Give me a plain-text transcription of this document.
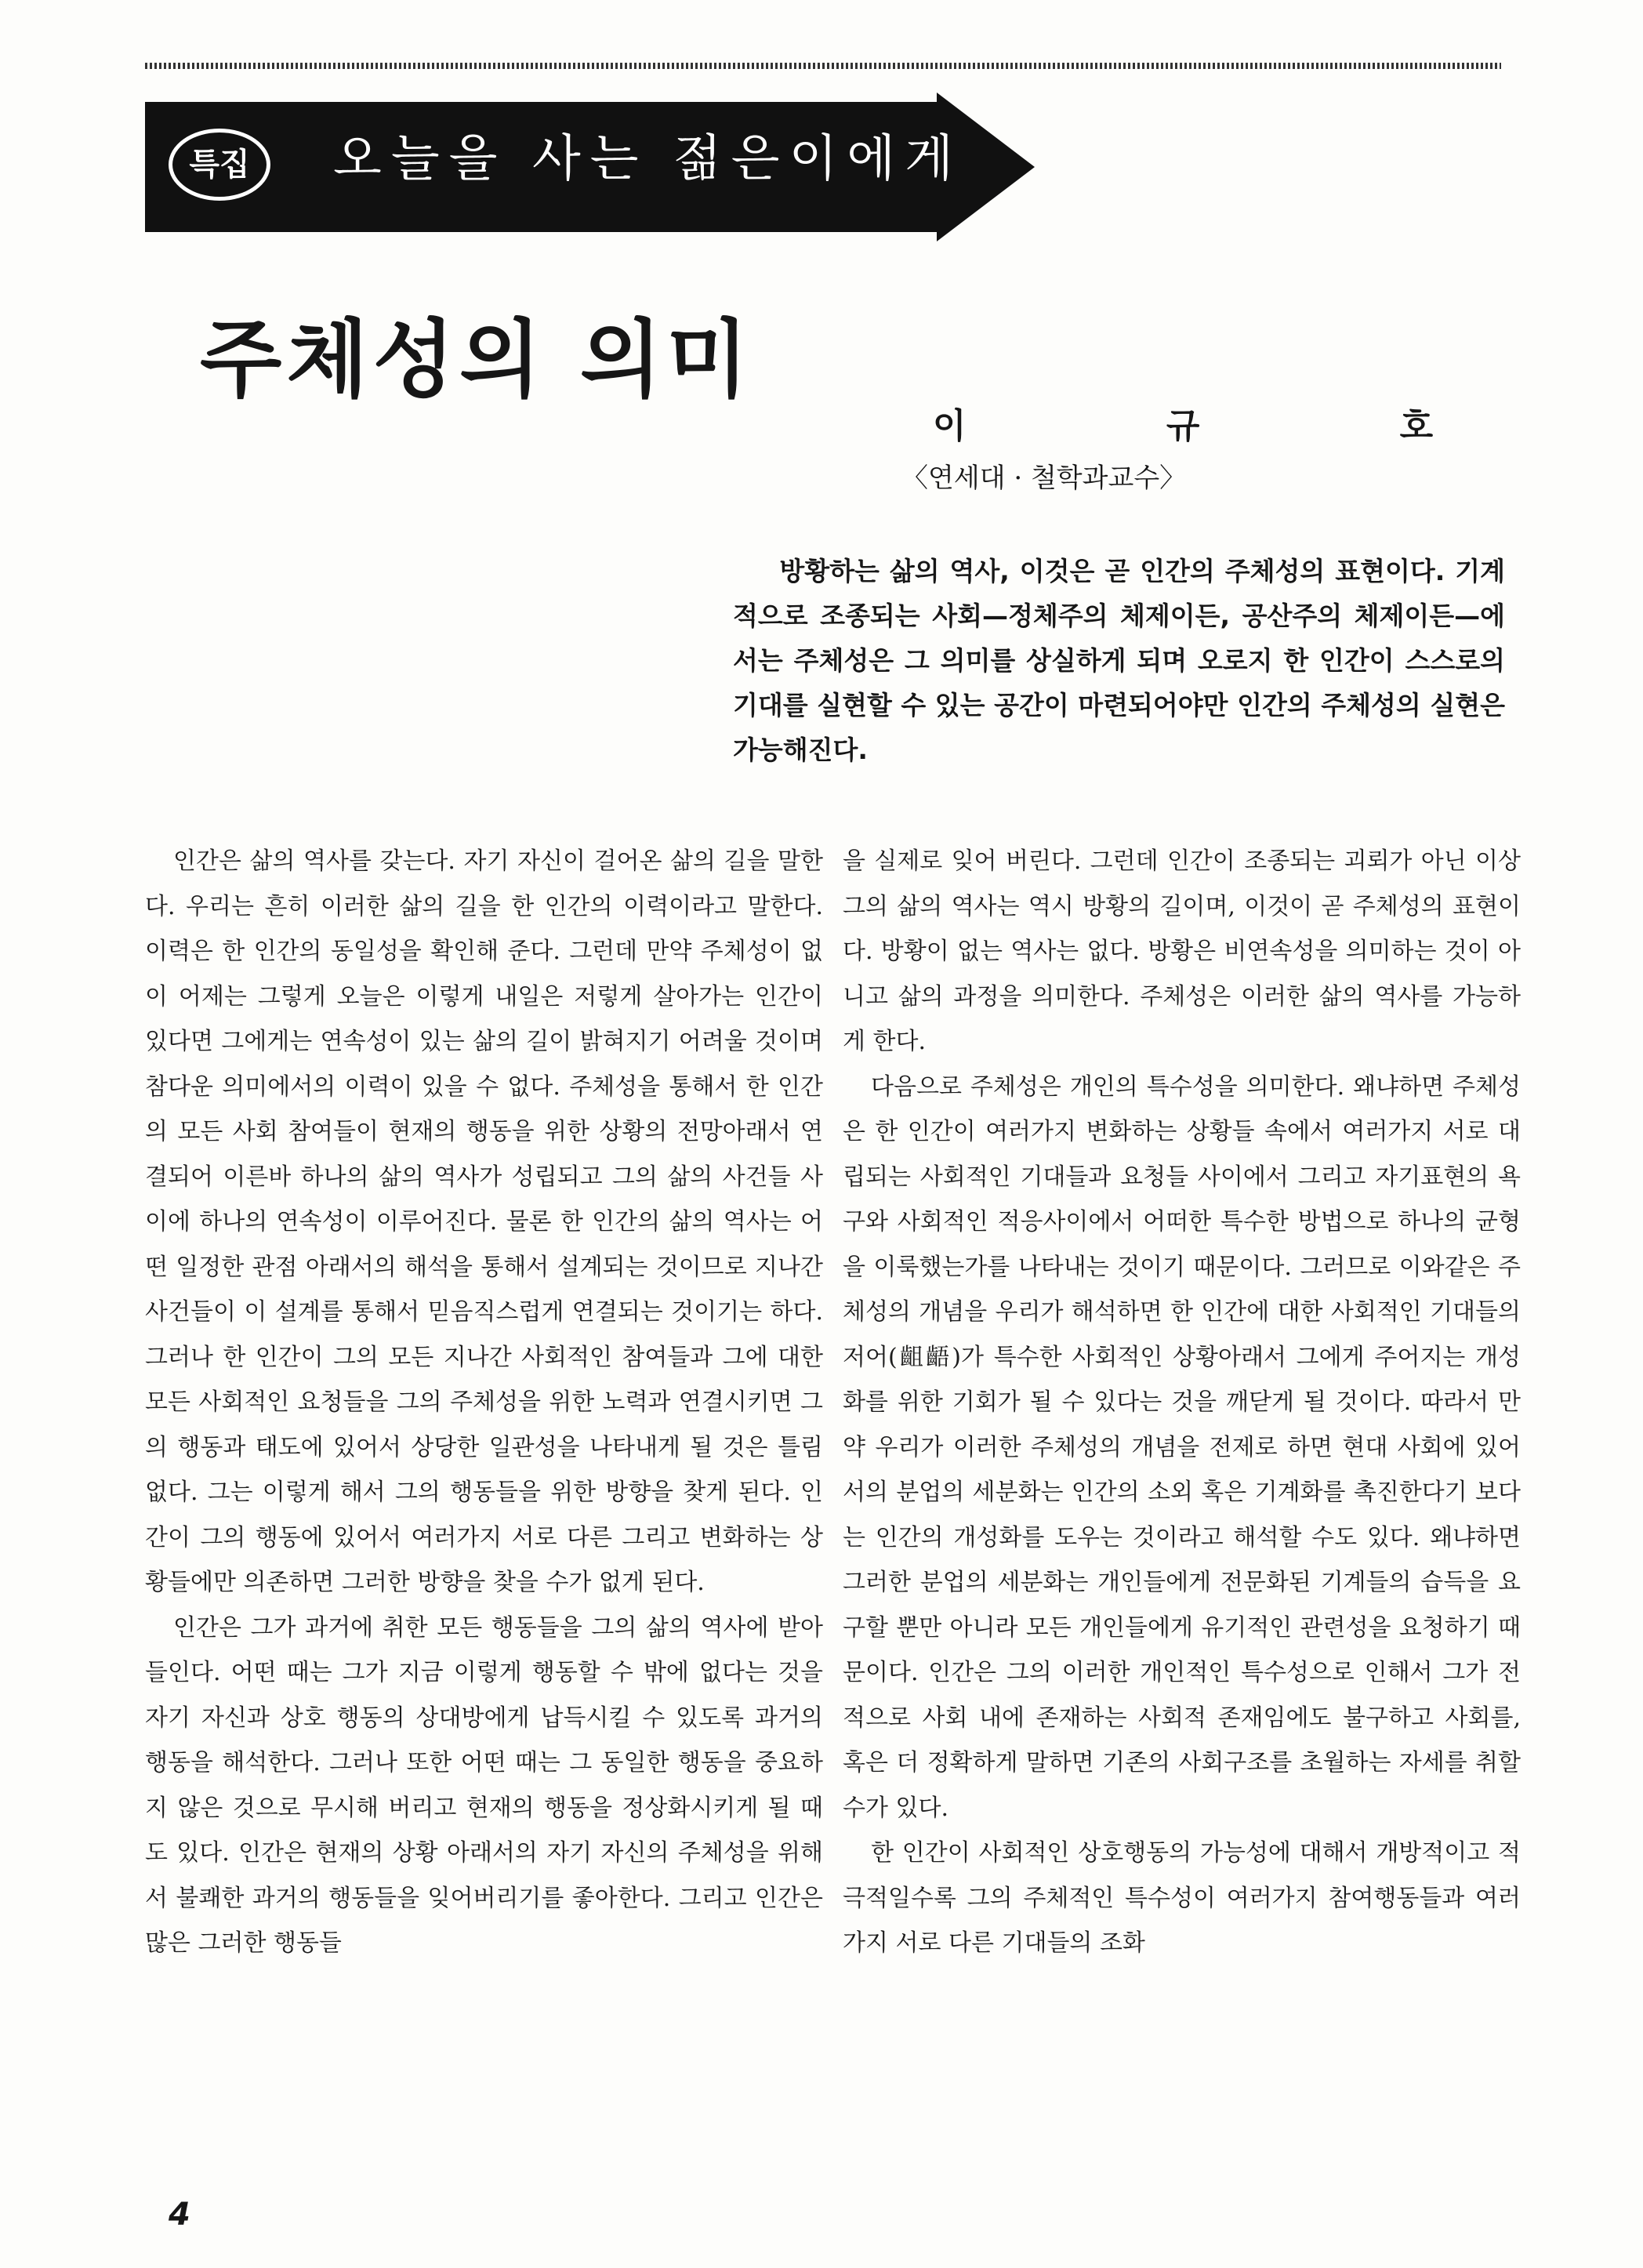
특집	오늘을 사는 젊은이에게
주체성의 의미
이 규 호
〈연세대 · 철학과교수〉
방황하는 삶의 역사, 이것은 곧 인간의 주체성의 표현이다. 기계적으로 조종되는 사회—정체주의 체제이든, 공산주의 체제이든—에서는 주체성은 그 의미를 상실하게 되며 오로지 한 인간이 스스로의 기대를 실현할 수 있는 공간이 마련되어야만 인간의 주체성의 실현은 가능해진다.

인간은 삶의 역사를 갖는다. 자기 자신이 걸어온 삶의 길을 말한다. 우리는 흔히 이러한 삶의 길을 한 인간의 이력이라고 말한다. 이력은 한 인간의 동일성을 확인해 준다. 그런데 만약 주체성이 없이 어제는 그렇게 오늘은 이렇게 내일은 저렇게 살아가는 인간이 있다면 그에게는 연속성이 있는 삶의 길이 밝혀지기 어려울 것이며 참다운 의미에서의 이력이 있을 수 없다. 주체성을 통해서 한 인간의 모든 사회 참여들이 현재의 행동을 위한 상황의 전망아래서 연결되어 이른바 하나의 삶의 역사가 성립되고 그의 삶의 사건들 사이에 하나의 연속성이 이루어진다. 물론 한 인간의 삶의 역사는 어떤 일정한 관점 아래서의 해석을 통해서 설계되는 것이므로 지나간 사건들이 이 설계를 통해서 믿음직스럽게 연결되는 것이기는 하다. 그러나 한 인간이 그의 모든 지나간 사회적인 참여들과 그에 대한 모든 사회적인 요청들을 그의 주체성을 위한 노력과 연결시키면 그의 행동과 태도에 있어서 상당한 일관성을 나타내게 될 것은 틀림없다. 그는 이렇게 해서 그의 행동들을 위한 방향을 찾게 된다. 인간이 그의 행동에 있어서 여러가지 서로 다른 그리고 변화하는 상황들에만 의존하면 그러한 방향을 찾을 수가 없게 된다.

인간은 그가 과거에 취한 모든 행동들을 그의 삶의 역사에 받아들인다. 어떤 때는 그가 지금 이렇게 행동할 수 밖에 없다는 것을 자기 자신과 상호 행동의 상대방에게 납득시킬 수 있도록 과거의 행동을 해석한다. 그러나 또한 어떤 때는 그 동일한 행동을 중요하지 않은 것으로 무시해 버리고 현재의 행동을 정상화시키게 될 때도 있다. 인간은 현재의 상황 아래서의 자기 자신의 주체성을 위해서 불쾌한 과거의 행동들을 잊어버리기를 좋아한다. 그리고 인간은 많은 그러한 행동들

을 실제로 잊어 버린다. 그런데 인간이 조종되는 괴뢰가 아닌 이상 그의 삶의 역사는 역시 방황의 길이며, 이것이 곧 주체성의 표현이다. 방황이 없는 역사는 없다. 방황은 비연속성을 의미하는 것이 아니고 삶의 과정을 의미한다. 주체성은 이러한 삶의 역사를 가능하게 한다.

다음으로 주체성은 개인의 특수성을 의미한다. 왜냐하면 주체성은 한 인간이 여러가지 변화하는 상황들 속에서 여러가지 서로 대립되는 사회적인 기대들과 요청들 사이에서 그리고 자기표현의 욕구와 사회적인 적응사이에서 어떠한 특수한 방법으로 하나의 균형을 이룩했는가를 나타내는 것이기 때문이다. 그러므로 이와같은 주체성의 개념을 우리가 해석하면 한 인간에 대한 사회적인 기대들의 저어(齟齬)가 특수한 사회적인 상황아래서 그에게 주어지는 개성화를 위한 기회가 될 수 있다는 것을 깨닫게 될 것이다. 따라서 만약 우리가 이러한 주체성의 개념을 전제로 하면 현대 사회에 있어서의 분업의 세분화는 인간의 소외 혹은 기계화를 촉진한다기 보다는 인간의 개성화를 도우는 것이라고 해석할 수도 있다. 왜냐하면 그러한 분업의 세분화는 개인들에게 전문화된 기계들의 습득을 요구할 뿐만 아니라 모든 개인들에게 유기적인 관련성을 요청하기 때문이다. 인간은 그의 이러한 개인적인 특수성으로 인해서 그가 전적으로 사회 내에 존재하는 사회적 존재임에도 불구하고 사회를, 혹은 더 정확하게 말하면 기존의 사회구조를 초월하는 자세를 취할 수가 있다.

한 인간이 사회적인 상호행동의 가능성에 대해서 개방적이고 적극적일수록 그의 주체적인 특수성이 여러가지 참여행동들과 여러가지 서로 다른 기대들의 조화

4
